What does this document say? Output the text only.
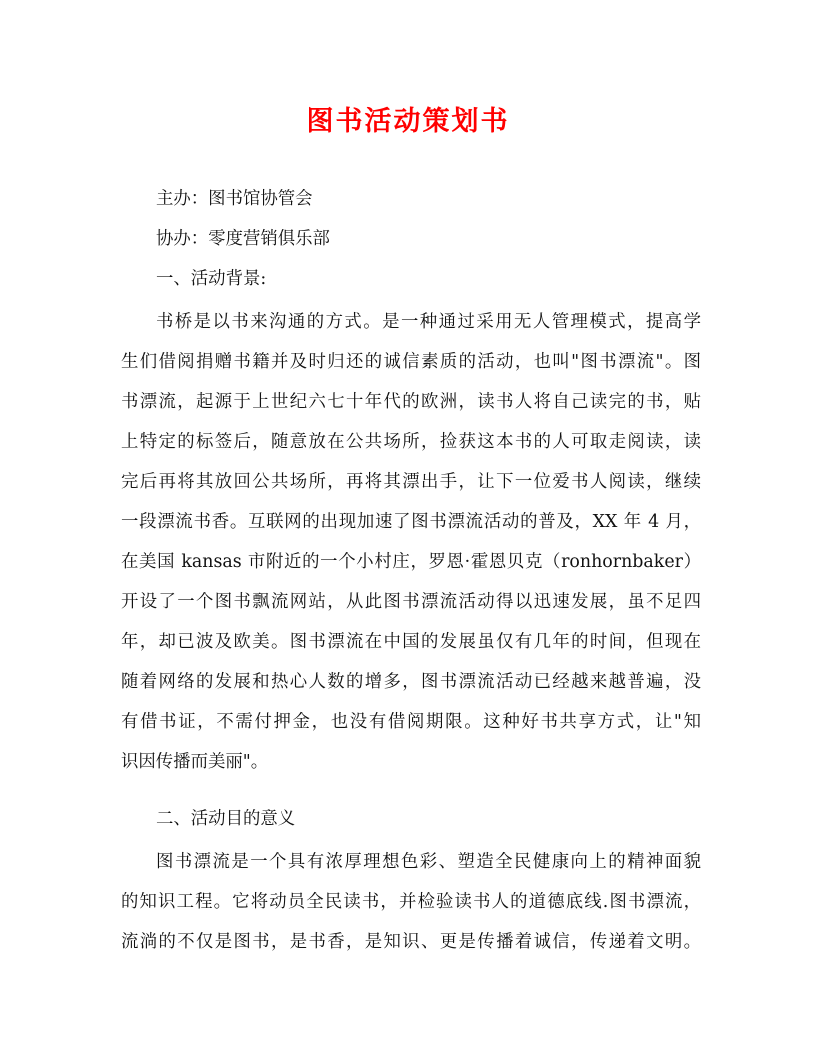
图书活动策划书
主办：图书馆协管会
协办：零度营销俱乐部
一、活动背景:
书桥是以书来沟通的方式。是一种通过采用无人管理模式，提高学
生们借阅捐赠书籍并及时归还的诚信素质的活动，也叫"图书漂流"。图
书漂流，起源于上世纪六七十年代的欧洲，读书人将自己读完的书，贴
上特定的标签后，随意放在公共场所，捡获这本书的人可取走阅读，读
完后再将其放回公共场所，再将其漂出手，让下一位爱书人阅读，继续
一段漂流书香。互联网的出现加速了图书漂流活动的普及，XX 年 4 月，
在美国 kansas 市附近的一个小村庄，罗恩·霍恩贝克（ronhornbaker）
开设了一个图书飘流网站，从此图书漂流活动得以迅速发展，虽不足四
年，却已波及欧美。图书漂流在中国的发展虽仅有几年的时间，但现在
随着网络的发展和热心人数的增多，图书漂流活动已经越来越普遍，没
有借书证，不需付押金，也没有借阅期限。这种好书共享方式，让"知
识因传播而美丽"。
二、活动目的意义
图书漂流是一个具有浓厚理想色彩、塑造全民健康向上的精神面貌
的知识工程。它将动员全民读书，并检验读书人的道德底线.图书漂流，
流淌的不仅是图书，是书香，是知识、更是传播着诚信，传递着文明。
